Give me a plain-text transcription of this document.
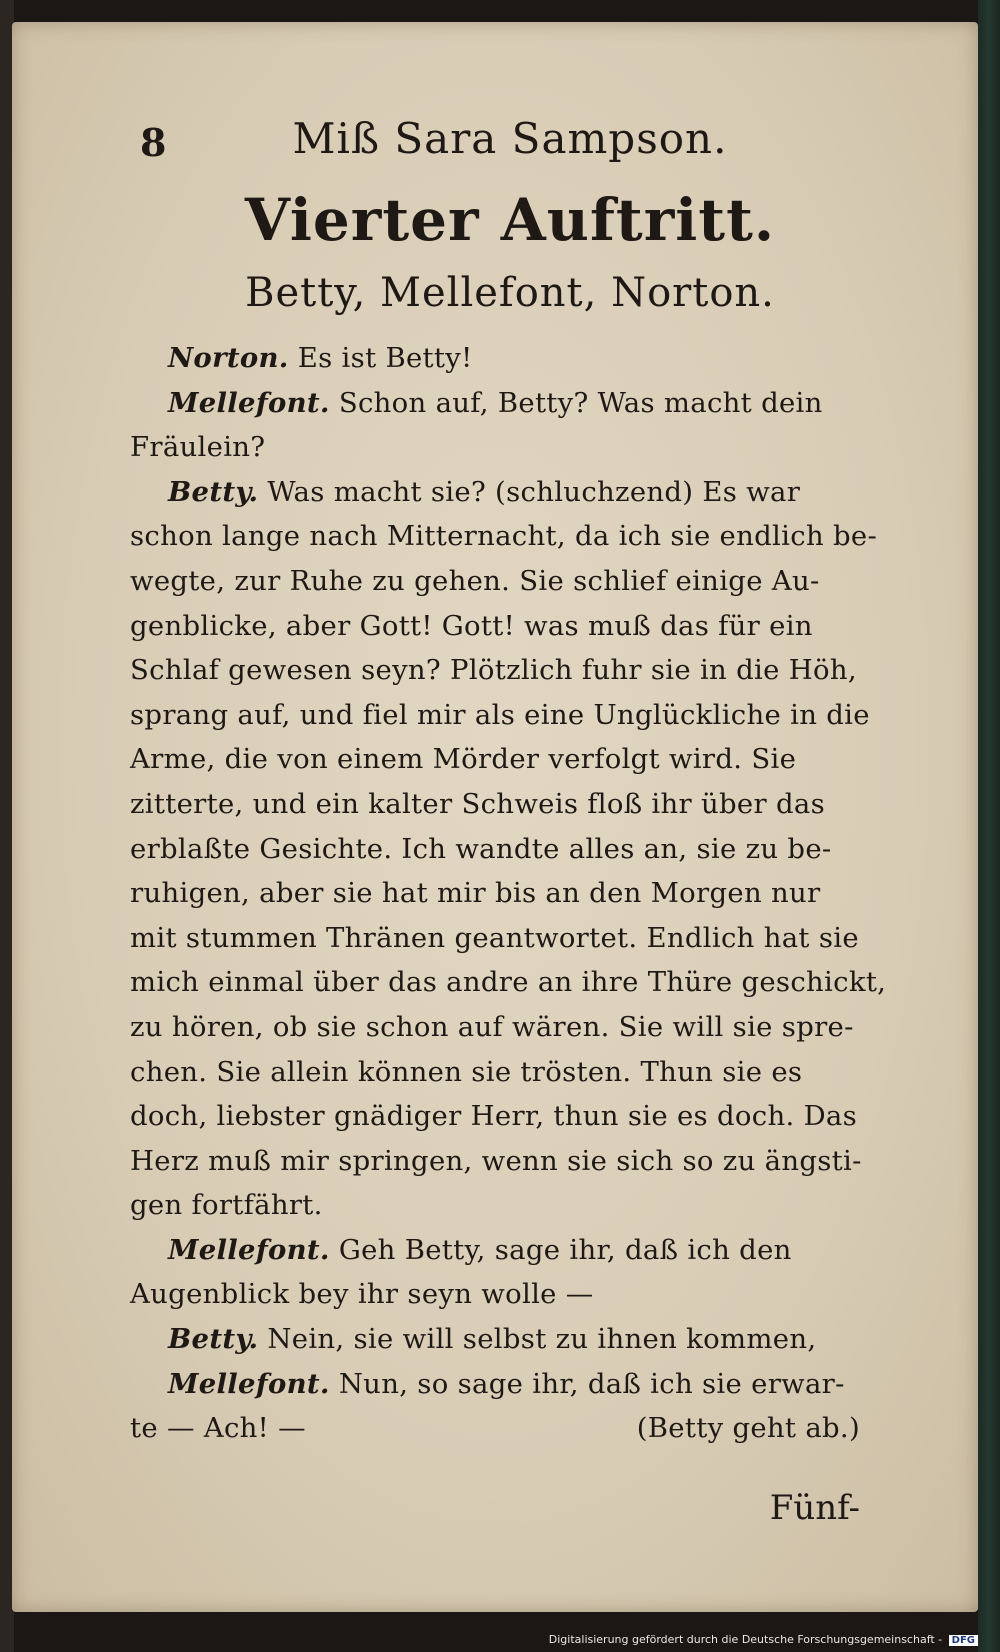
8	Miß Sara Sampson.
Vierter Auftritt.
Betty, Mellefont, Norton.
Norton. Es ist Betty!
Mellefont. Schon auf, Betty? Was macht dein
Fräulein?
Betty. Was macht sie? (schluchzend) Es war
schon lange nach Mitternacht, da ich sie endlich be-
wegte, zur Ruhe zu gehen. Sie schlief einige Au-
genblicke, aber Gott! Gott! was muß das für ein
Schlaf gewesen seyn? Plötzlich fuhr sie in die Höh,
sprang auf, und fiel mir als eine Unglückliche in die
Arme, die von einem Mörder verfolgt wird. Sie
zitterte, und ein kalter Schweis floß ihr über das
erblaßte Gesichte. Ich wandte alles an, sie zu be-
ruhigen, aber sie hat mir bis an den Morgen nur
mit stummen Thränen geantwortet. Endlich hat sie
mich einmal über das andre an ihre Thüre geschickt,
zu hören, ob sie schon auf wären. Sie will sie spre-
chen. Sie allein können sie trösten. Thun sie es
doch, liebster gnädiger Herr, thun sie es doch. Das
Herz muß mir springen, wenn sie sich so zu ängsti-
gen fortfährt.
Mellefont. Geh Betty, sage ihr, daß ich den
Augenblick bey ihr seyn wolle —
Betty. Nein, sie will selbst zu ihnen kommen,
Mellefont. Nun, so sage ihr, daß ich sie erwar-
te — Ach! —	(Betty geht ab.)
Fünf-
Digitalisierung gefördert durch die Deutsche Forschungsgemeinschaft - DFG
